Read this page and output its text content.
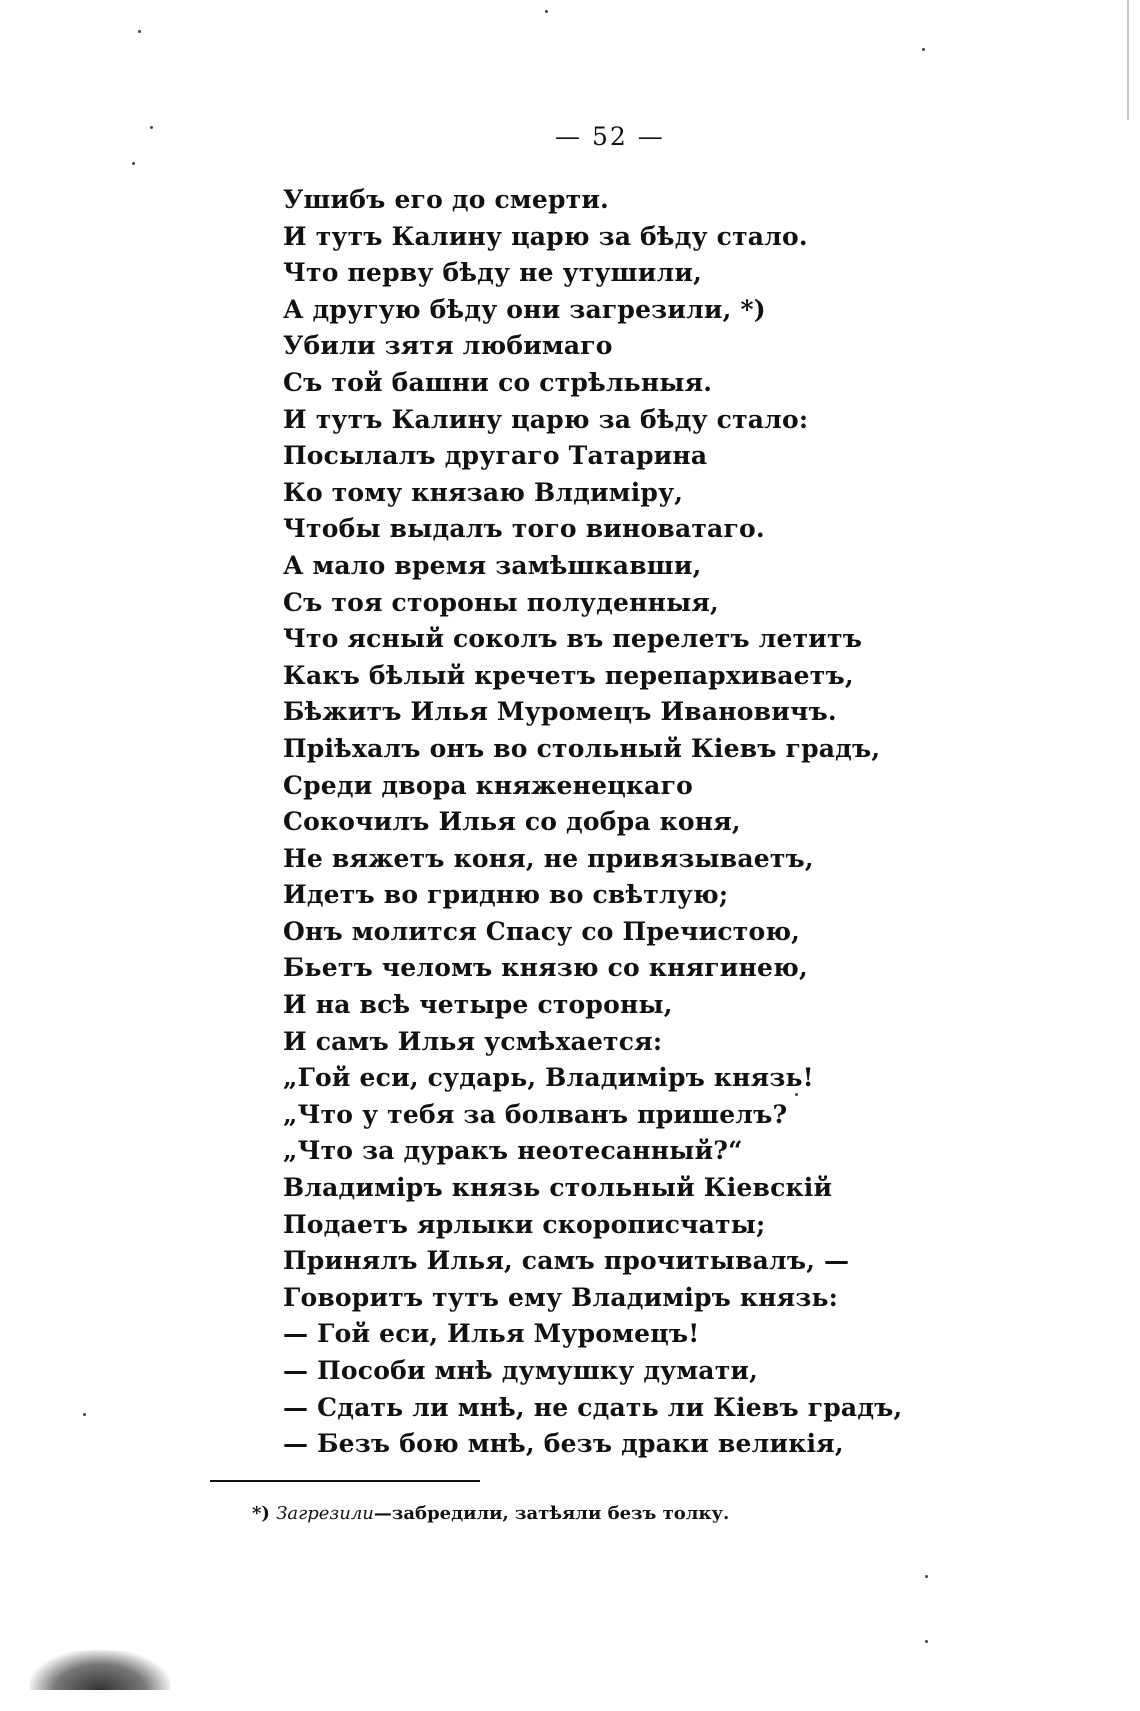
— 52 —
Ушибъ его до смерти.
И тутъ Калину царю за бѣду стало.
Что перву бѣду не утушили,
А другую бѣду они загрезили, *)
Убили зятя любимаго
Съ той башни со стрѣльныя.
И тутъ Калину царю за бѣду стало:
Посылалъ другаго Татарина
Ко тому князаю Влдиміру,
Чтобы выдалъ того виноватаго.
А мало время замѣшкавши,
Съ тоя стороны полуденныя,
Что ясный соколъ въ перелетъ летитъ
Какъ бѣлый кречетъ перепархиваетъ,
Бѣжитъ Илья Муромецъ Ивановичъ.
Пріѣхалъ онъ во стольный Кіевъ градъ,
Среди двора княженецкаго
Сокочилъ Илья со добра коня,
Не вяжетъ коня, не привязываетъ,
Идетъ во гридню во свѣтлую;
Онъ молится Спасу со Пречистою,
Бьетъ челомъ князю со княгинею,
И на всѣ четыре стороны,
И самъ Илья усмѣхается:
„Гой еси, сударь, Владиміръ князь!
„Что у тебя за болванъ пришелъ?
„Что за дуракъ неотесанный?“
Владиміръ князь стольный Кіевскій
Подаетъ ярлыки скорописчаты;
Принялъ Илья, самъ прочитывалъ, —
Говоритъ тутъ ему Владиміръ князь:
— Гой еси, Илья Муромецъ!
— Пособи мнѣ думушку думати,
— Сдать ли мнѣ, не сдать ли Кіевъ градъ,
— Безъ бою мнѣ, безъ драки великія,
*) Загрезили—забредили, затѣяли безъ толку.
